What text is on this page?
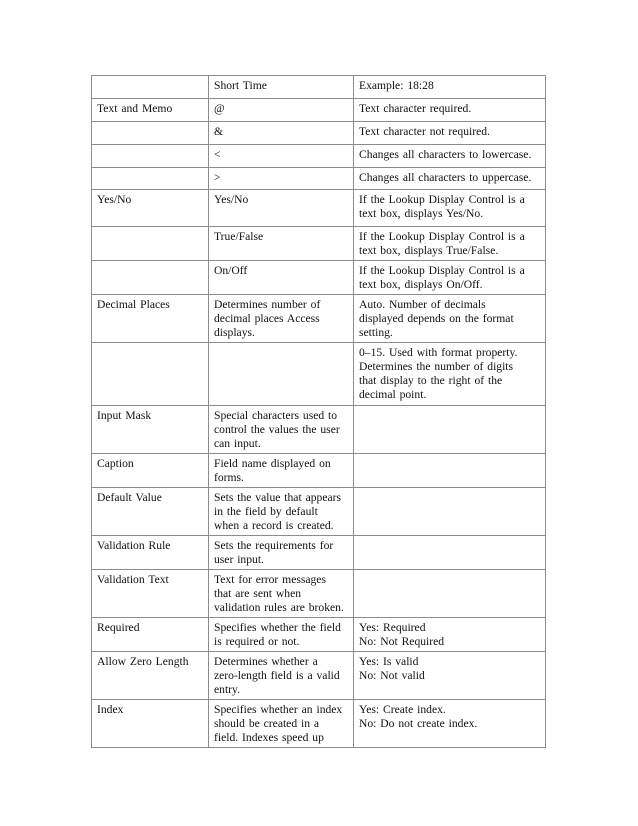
	Short Time	Example: 18:28

Text and Memo	@	Text character required.

	&	Text character not required.

	<	Changes all characters to lowercase.

	>	Changes all characters to uppercase.

Yes/No	Yes/No	If the Lookup Display Control is a
text box, displays Yes/No.

	True/False	If the Lookup Display Control is a
text box, displays True/False.

	On/Off	If the Lookup Display Control is a
text box, displays On/Off.

Decimal Places	Determines number of
decimal places Access
displays.	Auto. Number of decimals
displayed depends on the format
setting.

		0–15. Used with format property.
Determines the number of digits
that display to the right of the
decimal point.

Input Mask	Special characters used to
control the values the user
can input.	

Caption	Field name displayed on
forms.	

Default Value	Sets the value that appears
in the field by default
when a record is created.	

Validation Rule	Sets the requirements for
user input.	

Validation Text	Text for error messages
that are sent when
validation rules are broken.	

Required	Specifies whether the field
is required or not.	Yes: Required
No: Not Required

Allow Zero Length	Determines whether a
zero-length field is a valid
entry.	Yes: Is valid
No: Not valid

Index	Specifies whether an index
should be created in a
field. Indexes speed up	Yes: Create index.
No: Do not create index.
